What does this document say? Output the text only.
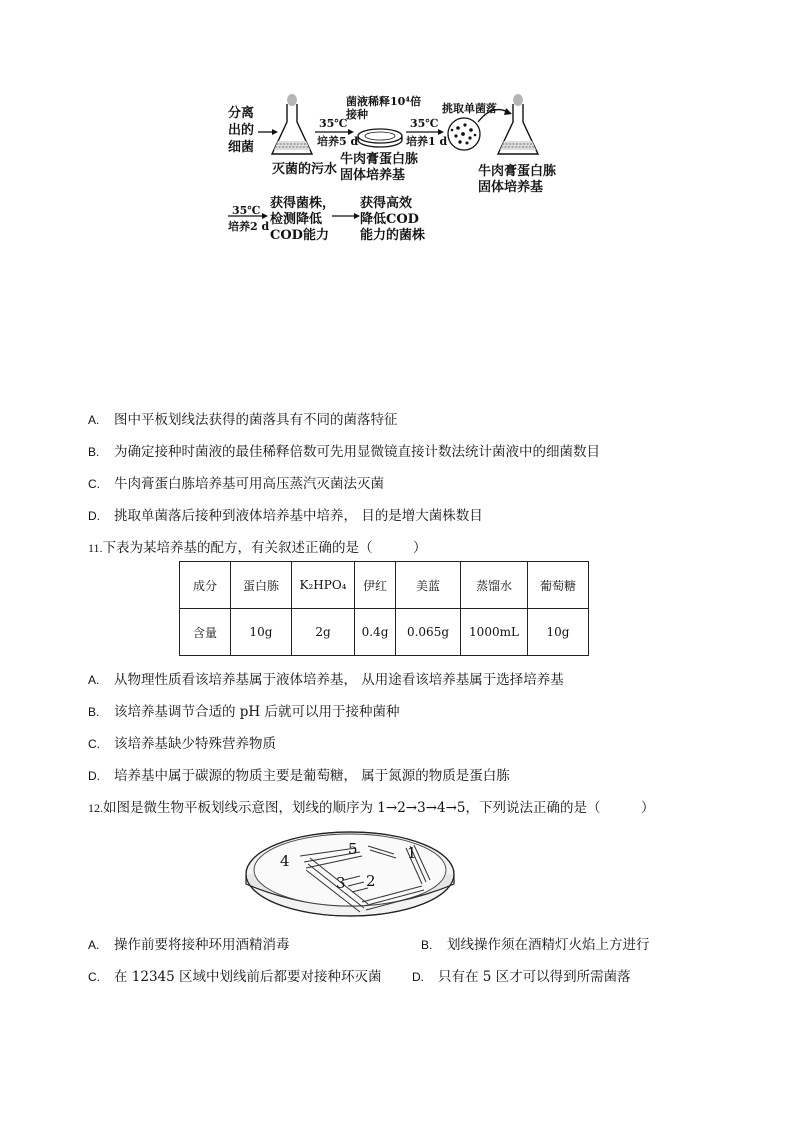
分离
出的
细菌
灭菌的污水
35℃
培养5 d
菌液稀释10⁴倍
接种
牛肉膏蛋白胨
固体培养基
35℃
培养1 d
挑取单菌落
牛肉膏蛋白胨
固体培养基
35℃
培养2 d
获得菌株，
检测降低
COD能力
获得高效
降低COD
能力的菌株
A. 图中平板划线法获得的菌落具有不同的菌落特征
B. 为确定接种时菌液的最佳稀释倍数可先用显微镜直接计数法统计菌液中的细菌数目
C. 牛肉膏蛋白胨培养基可用高压蒸汽灭菌法灭菌
D. 挑取单菌落后接种到液体培养基中培养， 目的是增大菌株数目
11.下表为某培养基的配方，有关叙述正确的是（　　　）
成分	蛋白胨	K₂HPO₄	伊红	美蓝	蒸馏水	葡萄糖
含量	10g	2g	0.4g	0.065g	1000mL	10g
A. 从物理性质看该培养基属于液体培养基， 从用途看该培养基属于选择培养基
B. 该培养基调节合适的 pH 后就可以用于接种菌种
C. 该培养基缺少特殊营养物质
D. 培养基中属于碳源的物质主要是葡萄糖， 属于氮源的物质是蛋白胨
12.如图是微生物平板划线示意图，划线的顺序为 1→2→3→4→5，下列说法正确的是（　　　）
1
2
3
4
5
A. 操作前要将接种环用酒精消毒	B. 划线操作须在酒精灯火焰上方进行
C. 在 12345 区域中划线前后都要对接种环灭菌	D. 只有在 5 区才可以得到所需菌落
